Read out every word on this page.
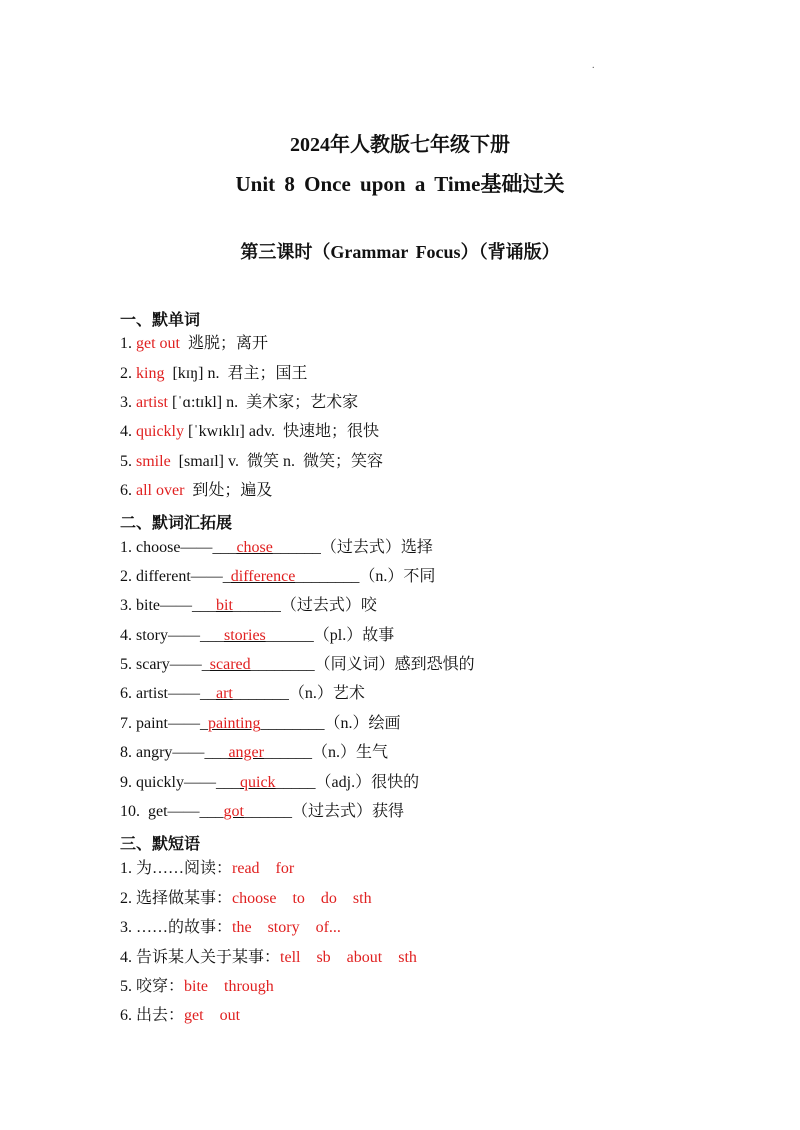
.
2024年人教版七年级下册
Unit 8 Once upon a Time基础过关
第三课时（Grammar Focus）（背诵版）
一、默单词
1. get out  逃脱；离开
2. king  [kɪŋ] n.  君主；国王
3. artist [ˈɑ:tɪkl] n.  美术家；艺术家
4. quickly [ˈkwɪklɪ] adv.  快速地；很快
5. smile  [smaɪl] v.  微笑 n.  微笑；笑容
6. all over  到处；遍及
二、默词汇拓展
1. choose——___chose______（过去式）选择
2. different——_difference________（n.）不同
3. bite——___bit______（过去式）咬
4. story——___stories______（pl.）故事
5. scary——_scared________（同义词）感到恐惧的
6. artist——__art_______（n.）艺术
7. paint——_painting________（n.）绘画
8. angry——___anger______（n.）生气
9. quickly——___quick_____（adj.）很快的
10.  get——___got______（过去式）获得
三、默短语
1. 为……阅读：read  for
2. 选择做某事：choose  to  do  sth
3. ……的故事：the  story  of...
4. 告诉某人关于某事：tell  sb  about  sth
5. 咬穿：bite  through
6. 出去：get  out
